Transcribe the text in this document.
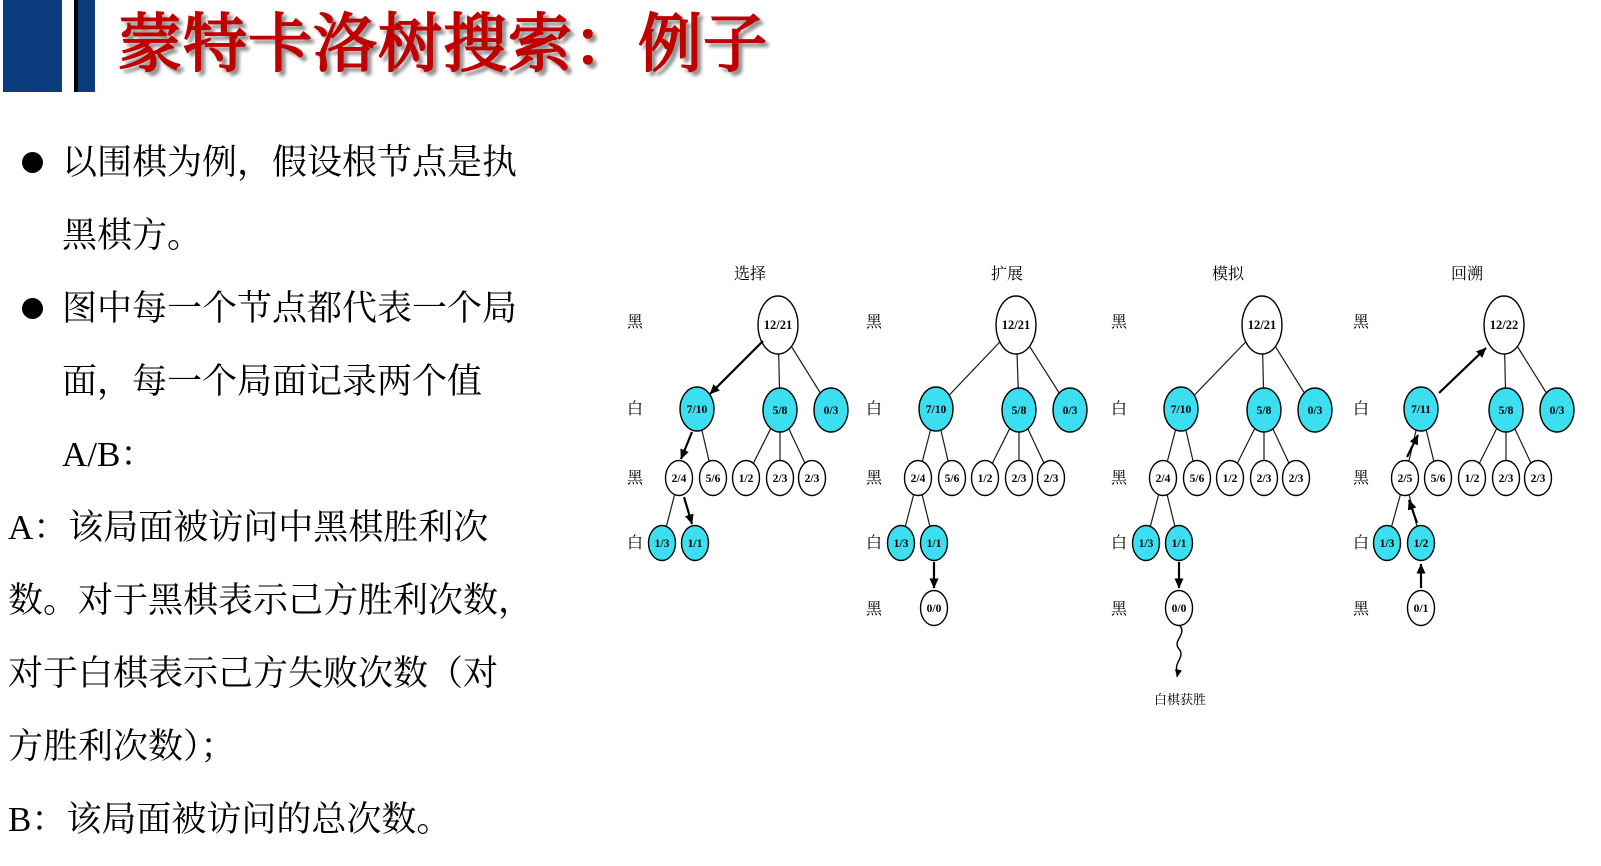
蒙特卡洛树搜索：例子
以围棋为例，假设根节点是执
黑棋方。
图中每一个节点都代表一个局
面，每一个局面记录两个值
A/B：
A：该局面被访问中黑棋胜利次
数。对于黑棋表示己方胜利次数，
对于白棋表示己方失败次数（对
方胜利次数）；
B：该局面被访问的总次数。
选择
黑
白
黑
白
12/21
7/10	5/8	0/3
2/4 5/6 1/2 2/3 2/3
1/3 1/1
扩展
黑
白
黑
白
黑
12/21
7/10	5/8	0/3
2/4 5/6 1/2 2/3 2/3
1/3 1/1
0/0
模拟
黑
白
黑
白
黑
12/21
7/10	5/8	0/3
2/4 5/6 1/2 2/3 2/3
1/3 1/1
0/0
白棋获胜
回溯
黑
白
黑
白
黑
12/22
7/11	5/8	0/3
2/5 5/6 1/2 2/3 2/3
1/3 1/2
0/1
